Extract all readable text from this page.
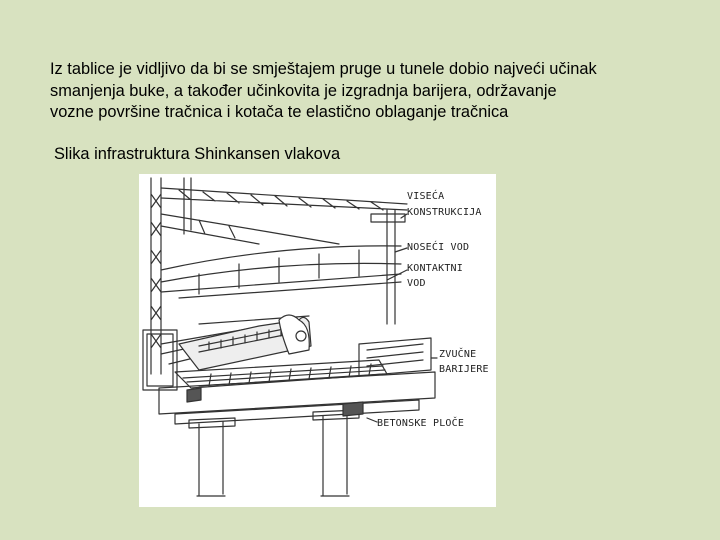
Iz tablice je vidljivo da bi se smještajem pruge u tunele dobio najveći učinak
smanjenja buke, a također učinkovita je izgradnja barijera, održavanje
vozne površine tračnica i kotača te elastično oblaganje tračnica
Slika infrastruktura Shinkansen vlakova
VISEĆA
KONSTRUKCIJA
NOSEĆI VOD
KONTAKTNI
VOD
ZVUČNE
BARIJERE
BETONSKE PLOČE
